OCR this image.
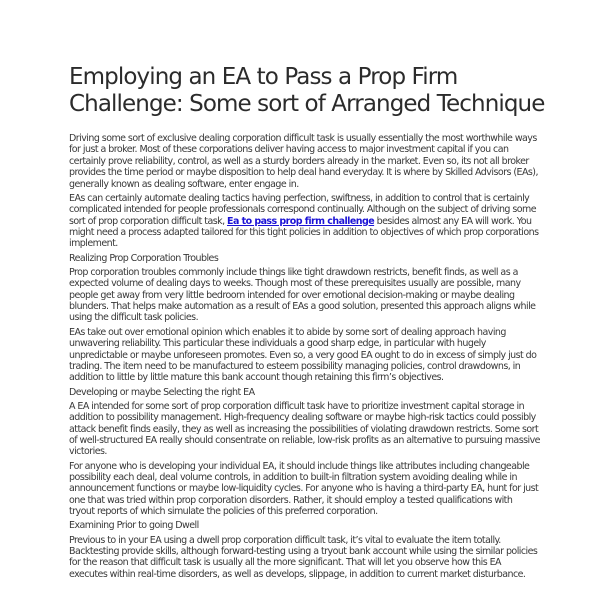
Employing an EA to Pass a Prop Firm
Challenge: Some sort of Arranged Technique

Driving some sort of exclusive dealing corporation difficult task is usually essentially the most worthwhile ways for just a broker. Most of these corporations deliver having access to major investment capital if you can certainly prove reliability, control, as well as a sturdy borders already in the market. Even so, its not all broker provides the time period or maybe disposition to help deal hand everyday. It is where by Skilled Advisors (EAs), generally known as dealing software, enter engage in.

EAs can certainly automate dealing tactics having perfection, swiftness, in addition to control that is certainly complicated intended for people professionals correspond continually. Although on the subject of driving some sort of prop corporation difficult task, Ea to pass prop firm challenge besides almost any EA will work. You might need a process adapted tailored for this tight policies in addition to objectives of which prop corporations implement.

Realizing Prop Corporation Troubles

Prop corporation troubles commonly include things like tight drawdown restricts, benefit finds, as well as a expected volume of dealing days to weeks. Though most of these prerequisites usually are possible, many people get away from very little bedroom intended for over emotional decision-making or maybe dealing blunders. That helps make automation as a result of EAs a good solution, presented this approach aligns while using the difficult task policies.

EAs take out over emotional opinion which enables it to abide by some sort of dealing approach having unwavering reliability. This particular these individuals a good sharp edge, in particular with hugely unpredictable or maybe unforeseen promotes. Even so, a very good EA ought to do in excess of simply just do trading. The item need to be manufactured to esteem possibility managing policies, control drawdowns, in addition to little by little mature this bank account though retaining this firm’s objectives.

Developing or maybe Selecting the right EA

A EA intended for some sort of prop corporation difficult task have to prioritize investment capital storage in addition to possibility management. High-frequency dealing software or maybe high-risk tactics could possibly attack benefit finds easily, they as well as increasing the possibilities of violating drawdown restricts. Some sort of well-structured EA really should consentrate on reliable, low-risk profits as an alternative to pursuing massive victories.

For anyone who is developing your individual EA, it should include things like attributes including changeable possibility each deal, deal volume controls, in addition to built-in filtration system avoiding dealing while in announcement functions or maybe low-liquidity cycles. For anyone who is having a third-party EA, hunt for just one that was tried within prop corporation disorders. Rather, it should employ a tested qualifications with tryout reports of which simulate the policies of this preferred corporation.

Examining Prior to going Dwell

Previous to in your EA using a dwell prop corporation difficult task, it’s vital to evaluate the item totally. Backtesting provide skills, although forward-testing using a tryout bank account while using the similar policies for the reason that difficult task is usually all the more significant. That will let you observe how this EA executes within real-time disorders, as well as develops, slippage, in addition to current market disturbance.
